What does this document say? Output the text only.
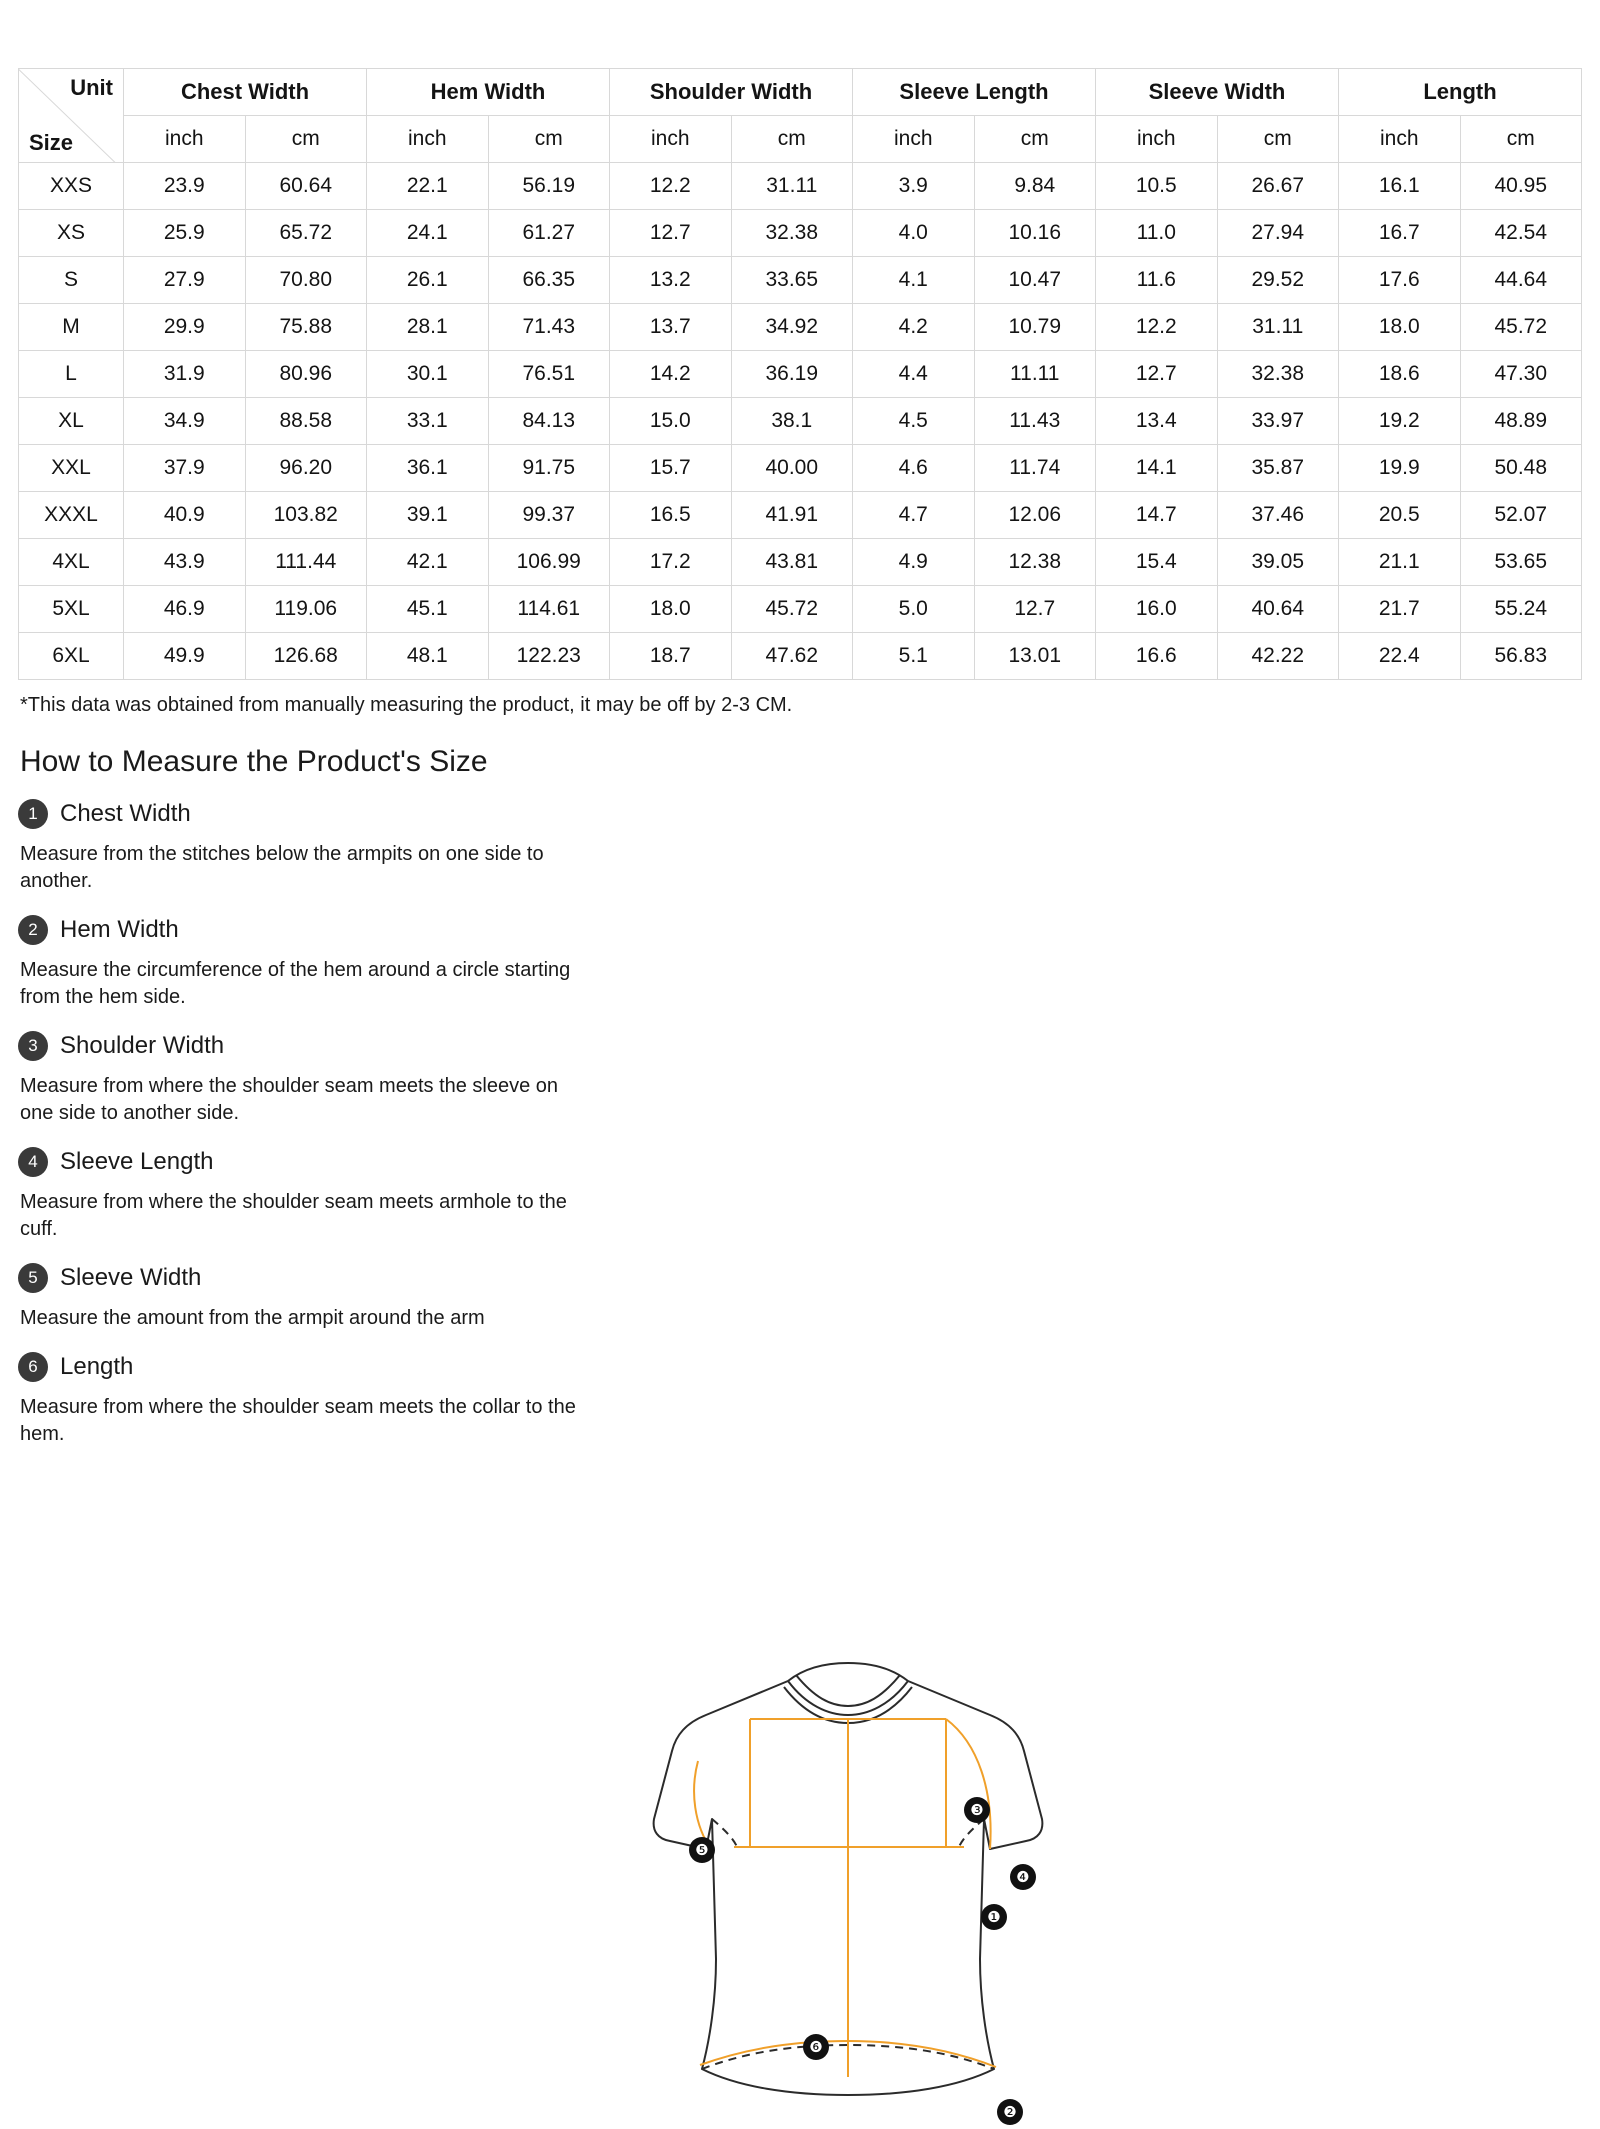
Unit
Size	Chest Width		Hem Width		Shoulder Width		Sleeve Length		Sleeve Width		Length	
	inch	cm	inch	cm	inch	cm	inch	cm	inch	cm	inch	cm
XXS	23.9	60.64	22.1	56.19	12.2	31.11	3.9	9.84	10.5	26.67	16.1	40.95
XS	25.9	65.72	24.1	61.27	12.7	32.38	4.0	10.16	11.0	27.94	16.7	42.54
S	27.9	70.80	26.1	66.35	13.2	33.65	4.1	10.47	11.6	29.52	17.6	44.64
M	29.9	75.88	28.1	71.43	13.7	34.92	4.2	10.79	12.2	31.11	18.0	45.72
L	31.9	80.96	30.1	76.51	14.2	36.19	4.4	11.11	12.7	32.38	18.6	47.30
XL	34.9	88.58	33.1	84.13	15.0	38.1	4.5	11.43	13.4	33.97	19.2	48.89
XXL	37.9	96.20	36.1	91.75	15.7	40.00	4.6	11.74	14.1	35.87	19.9	50.48
XXXL	40.9	103.82	39.1	99.37	16.5	41.91	4.7	12.06	14.7	37.46	20.5	52.07
4XL	43.9	111.44	42.1	106.99	17.2	43.81	4.9	12.38	15.4	39.05	21.1	53.65
5XL	46.9	119.06	45.1	114.61	18.0	45.72	5.0	12.7	16.0	40.64	21.7	55.24
6XL	49.9	126.68	48.1	122.23	18.7	47.62	5.1	13.01	16.6	42.22	22.4	56.83
*This data was obtained from manually measuring the product, it may be off by 2-3 CM.
How to Measure the Product's Size
1 Chest Width
Measure from the stitches below the armpits on one side to another.
2 Hem Width
Measure the circumference of the hem around a circle starting from the hem side.
3 Shoulder Width
Measure from where the shoulder seam meets the sleeve on one side to another side.
4 Sleeve Length
Measure from where the shoulder seam meets armhole to the cuff.
5 Sleeve Width
Measure the amount from the armpit around the arm
6 Length
Measure from where the shoulder seam meets the collar to the hem.
❸
❺
❹
❶
❻
❷
